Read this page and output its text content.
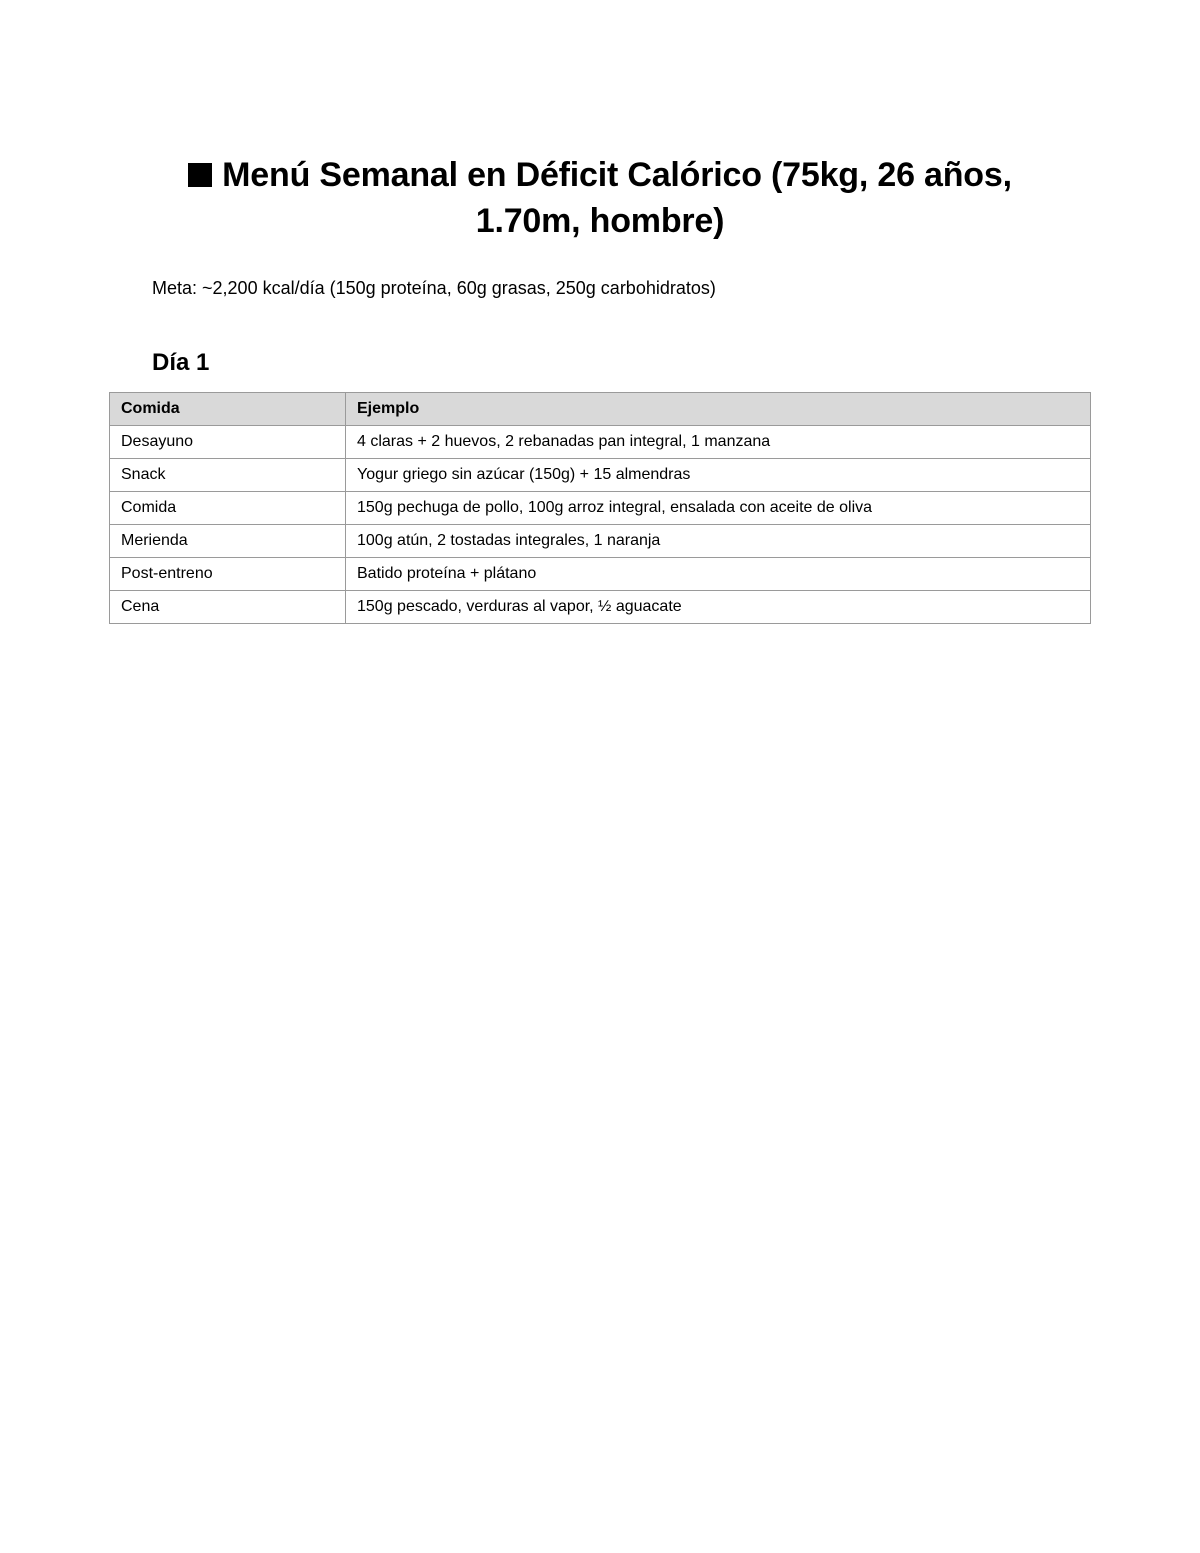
Menú Semanal en Déficit Calórico (75kg, 26 años, 1.70m, hombre)

Meta: ~2,200 kcal/día (150g proteína, 60g grasas, 250g carbohidratos)

Día 1
Comida	Ejemplo
Desayuno	4 claras + 2 huevos, 2 rebanadas pan integral, 1 manzana
Snack	Yogur griego sin azúcar (150g) + 15 almendras
Comida	150g pechuga de pollo, 100g arroz integral, ensalada con aceite de oliva
Merienda	100g atún, 2 tostadas integrales, 1 naranja
Post-entreno	Batido proteína + plátano
Cena	150g pescado, verduras al vapor, ½ aguacate
